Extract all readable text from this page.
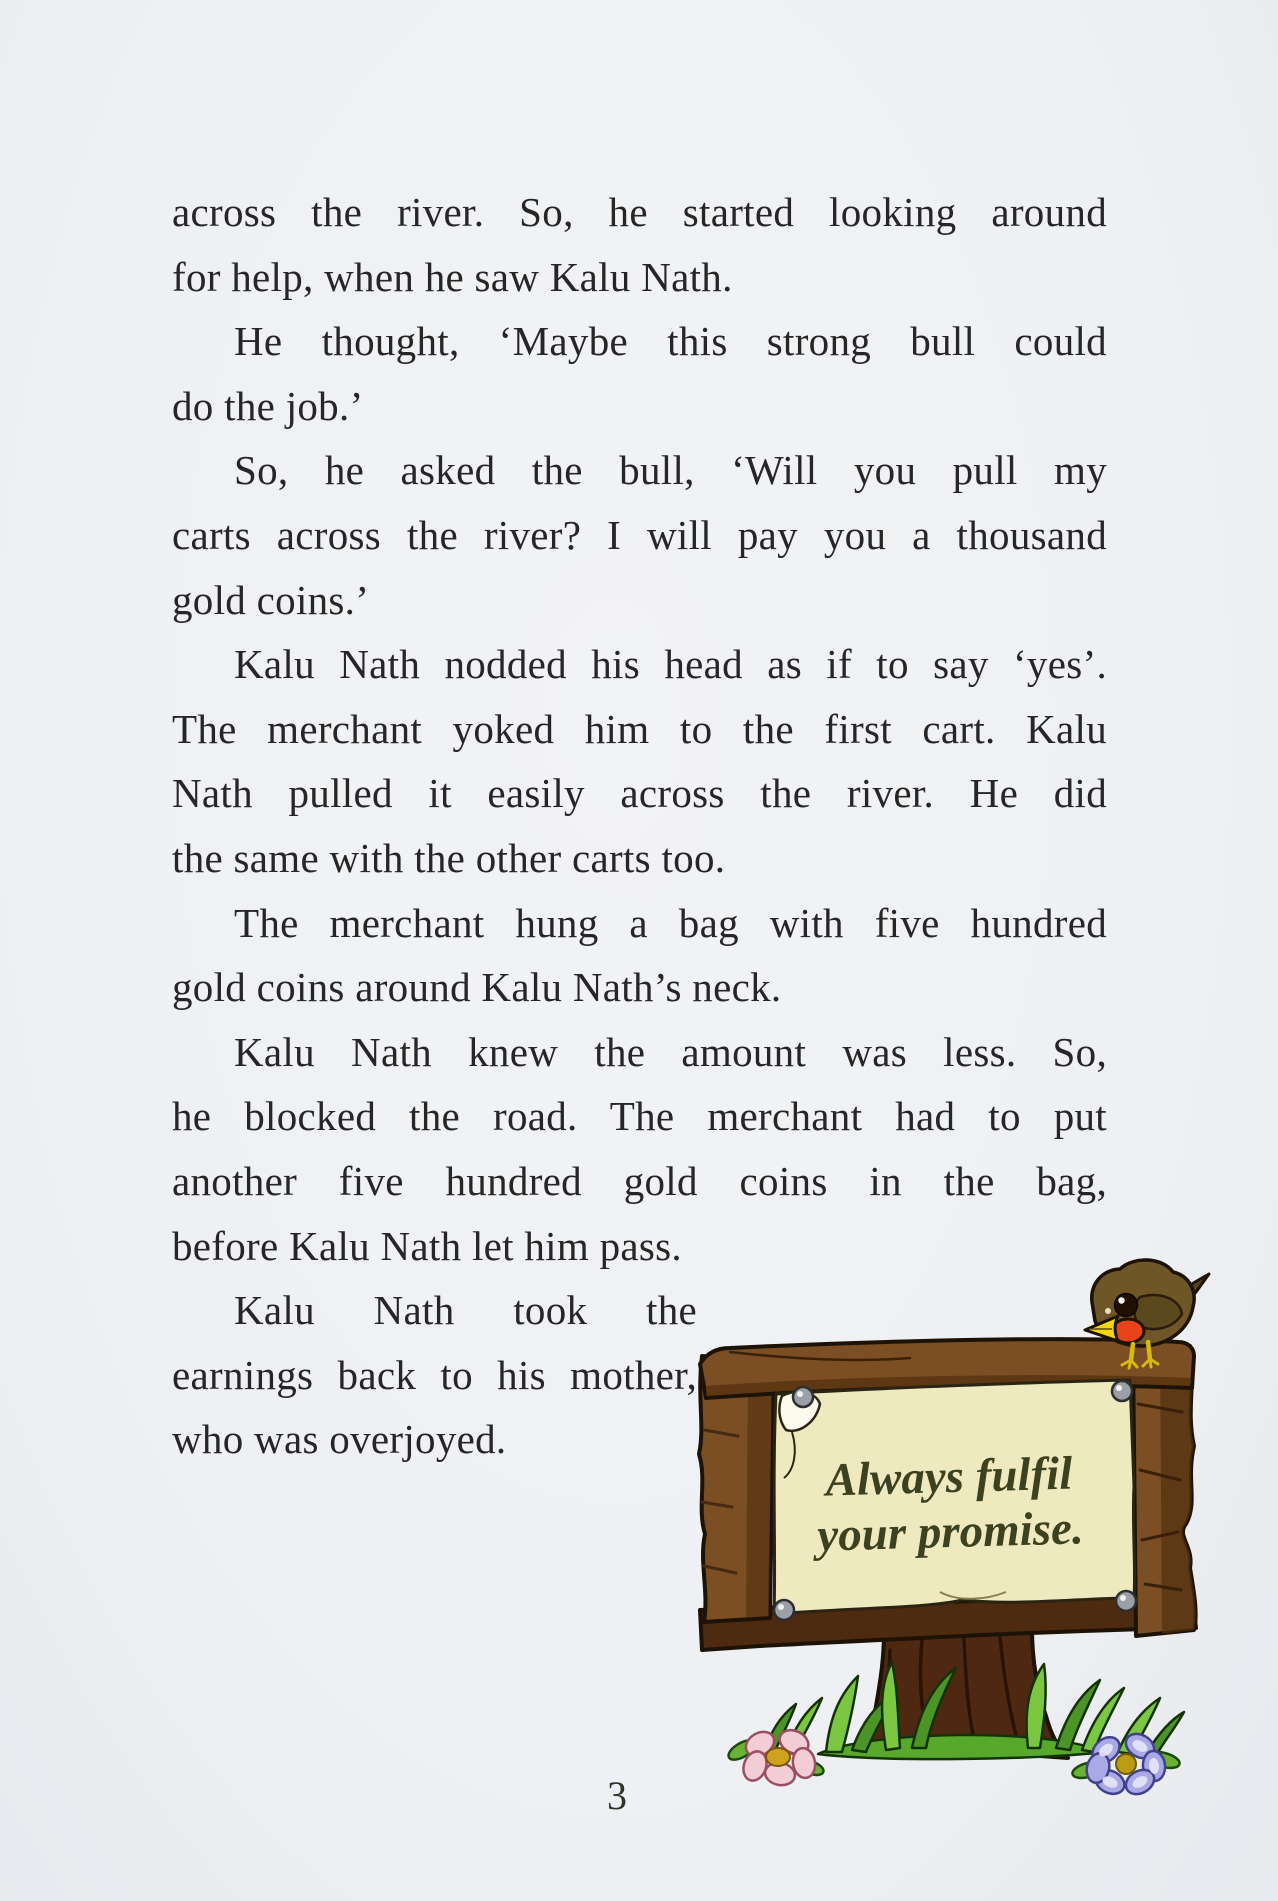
across the river. So, he started looking around
for help, when he saw Kalu Nath.
He thought, ‘Maybe this strong bull could
do the job.’
So, he asked the bull, ‘Will you pull my
carts across the river? I will pay you a thousand
gold coins.’
Kalu Nath nodded his head as if to say ‘yes’.
The merchant yoked him to the first cart. Kalu
Nath pulled it easily across the river. He did
the same with the other carts too.
The merchant hung a bag with five hundred
gold coins around Kalu Nath’s neck.
Kalu Nath knew the amount was less. So,
he blocked the road. The merchant had to put
another five hundred gold coins in the bag,
before Kalu Nath let him pass.
Kalu Nath took the
earnings back to his mother,
who was overjoyed.
Always fulfil
your promise.
3
